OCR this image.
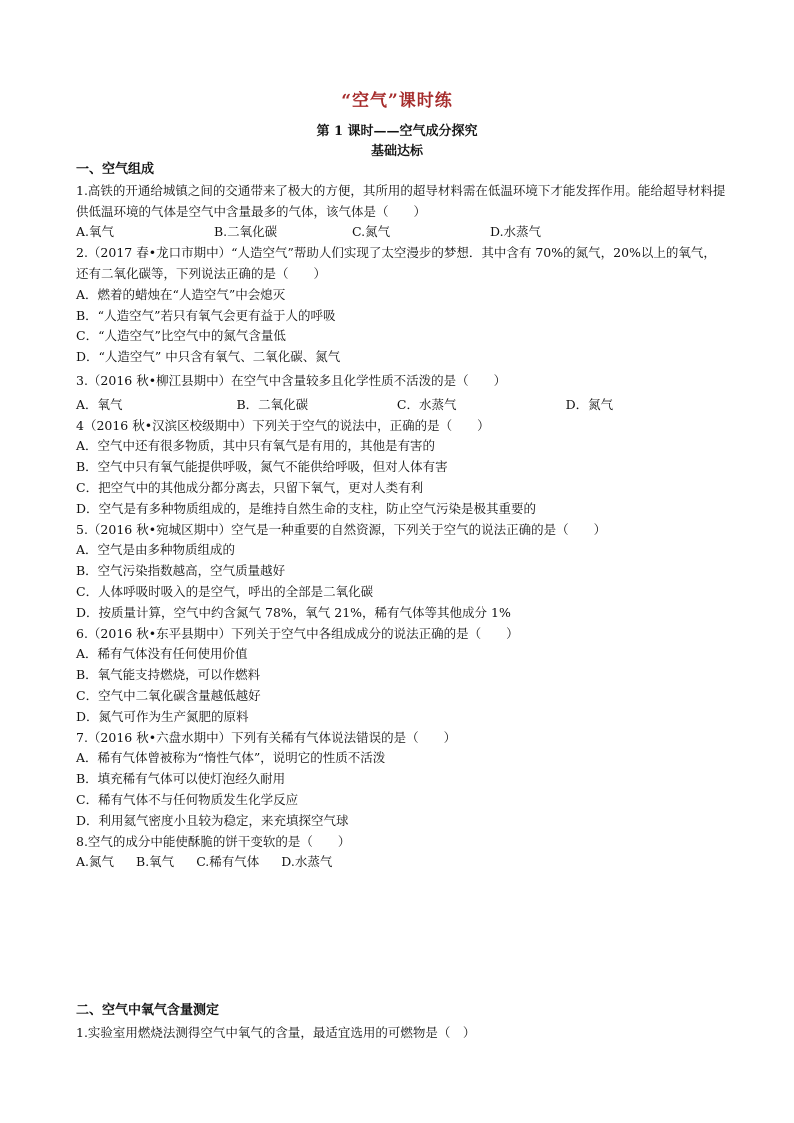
“空气”课时练
第 1 课时——空气成分探究
基础达标
一、空气组成
1.高铁的开通给城镇之间的交通带来了极大的方便，其所用的超导材料需在低温环境下才能发挥作用。能给超导材料提供低温环境的气体是空气中含量最多的气体，该气体是（　　）
A.氧气	B.二氧化碳	C.氮气	D.水蒸气
2.（2017 春•龙口市期中）“人造空气”帮助人们实现了太空漫步的梦想．其中含有 70%的氮气，20%以上的氧气，还有二氧化碳等，下列说法正确的是（　　）
A．燃着的蜡烛在“人造空气”中会熄灭
B．“人造空气”若只有氧气会更有益于人的呼吸
C．“人造空气”比空气中的氮气含量低
D．“人造空气” 中只含有氧气、二氧化碳、氮气
3.（2016 秋•柳江县期中）在空气中含量较多且化学性质不活泼的是（　　）
A．氧气	B．二氧化碳	C．水蒸气	D．氮气
4（2016 秋•汉滨区校级期中）下列关于空气的说法中，正确的是（　　）
A．空气中还有很多物质，其中只有氧气是有用的，其他是有害的
B．空气中只有氧气能提供呼吸，氮气不能供给呼吸，但对人体有害
C．把空气中的其他成分都分离去，只留下氧气，更对人类有利
D．空气是有多种物质组成的，是维持自然生命的支柱，防止空气污染是极其重要的
5.（2016 秋•宛城区期中）空气是一种重要的自然资源，下列关于空气的说法正确的是（　　）
A．空气是由多种物质组成的
B．空气污染指数越高，空气质量越好
C．人体呼吸时吸入的是空气，呼出的全部是二氧化碳
D．按质量计算，空气中约含氮气 78%，氧气 21%，稀有气体等其他成分 1%
6.（2016 秋•东平县期中）下列关于空气中各组成成分的说法正确的是（　　）
A．稀有气体没有任何使用价值
B．氧气能支持燃烧，可以作燃料
C．空气中二氧化碳含量越低越好
D．氮气可作为生产氮肥的原料
7.（2016 秋•六盘水期中）下列有关稀有气体说法错误的是（　　）
A．稀有气体曾被称为“惰性气体”，说明它的性质不活泼
B．填充稀有气体可以使灯泡经久耐用
C．稀有气体不与任何物质发生化学反应
D．利用氦气密度小且较为稳定，来充填探空气球
8.空气的成分中能使酥脆的饼干变软的是（　　）
A.氮气 B.氧气 C.稀有气体 D.水蒸气
二、空气中氧气含量测定
1.实验室用燃烧法测得空气中氧气的含量，最适宜选用的可燃物是（　）
